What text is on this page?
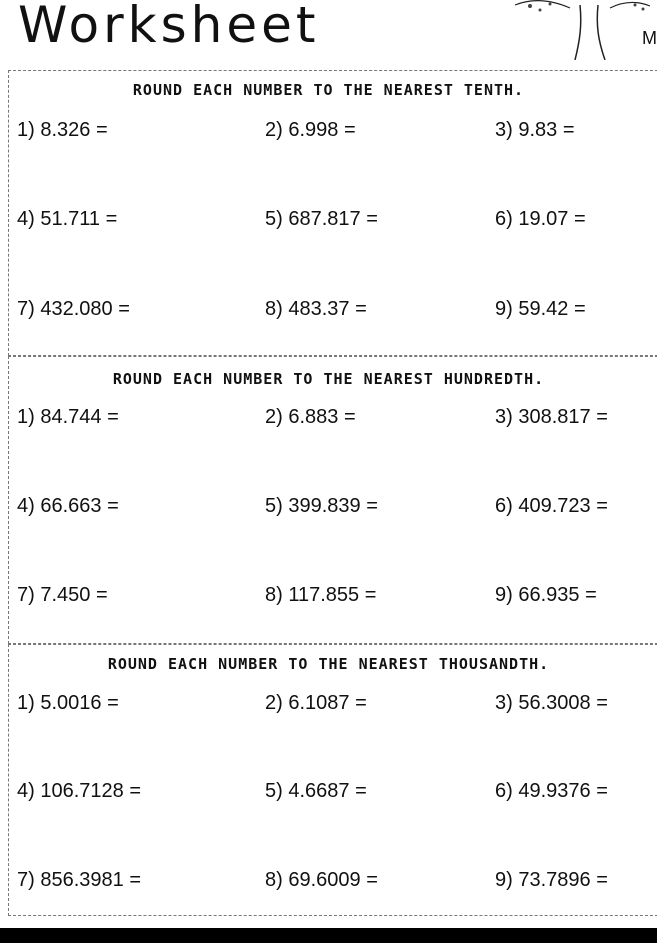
Worksheet	M
ROUND EACH NUMBER TO THE NEAREST TENTH.
1) 8.326 =	2) 6.998 =	3) 9.83 =
4) 51.711 =	5) 687.817 =	6) 19.07 =
7) 432.080 =	8) 483.37 =	9) 59.42 =
ROUND EACH NUMBER TO THE NEAREST HUNDREDTH.
1) 84.744 =	2) 6.883 =	3) 308.817 =
4) 66.663 =	5) 399.839 =	6) 409.723 =
7) 7.450 =	8) 117.855 =	9) 66.935 =
ROUND EACH NUMBER TO THE NEAREST THOUSANDTH.
1) 5.0016 =	2) 6.1087 =	3) 56.3008 =
4) 106.7128 =	5) 4.6687 =	6) 49.9376 =
7) 856.3981 =	8) 69.6009 =	9) 73.7896 =
